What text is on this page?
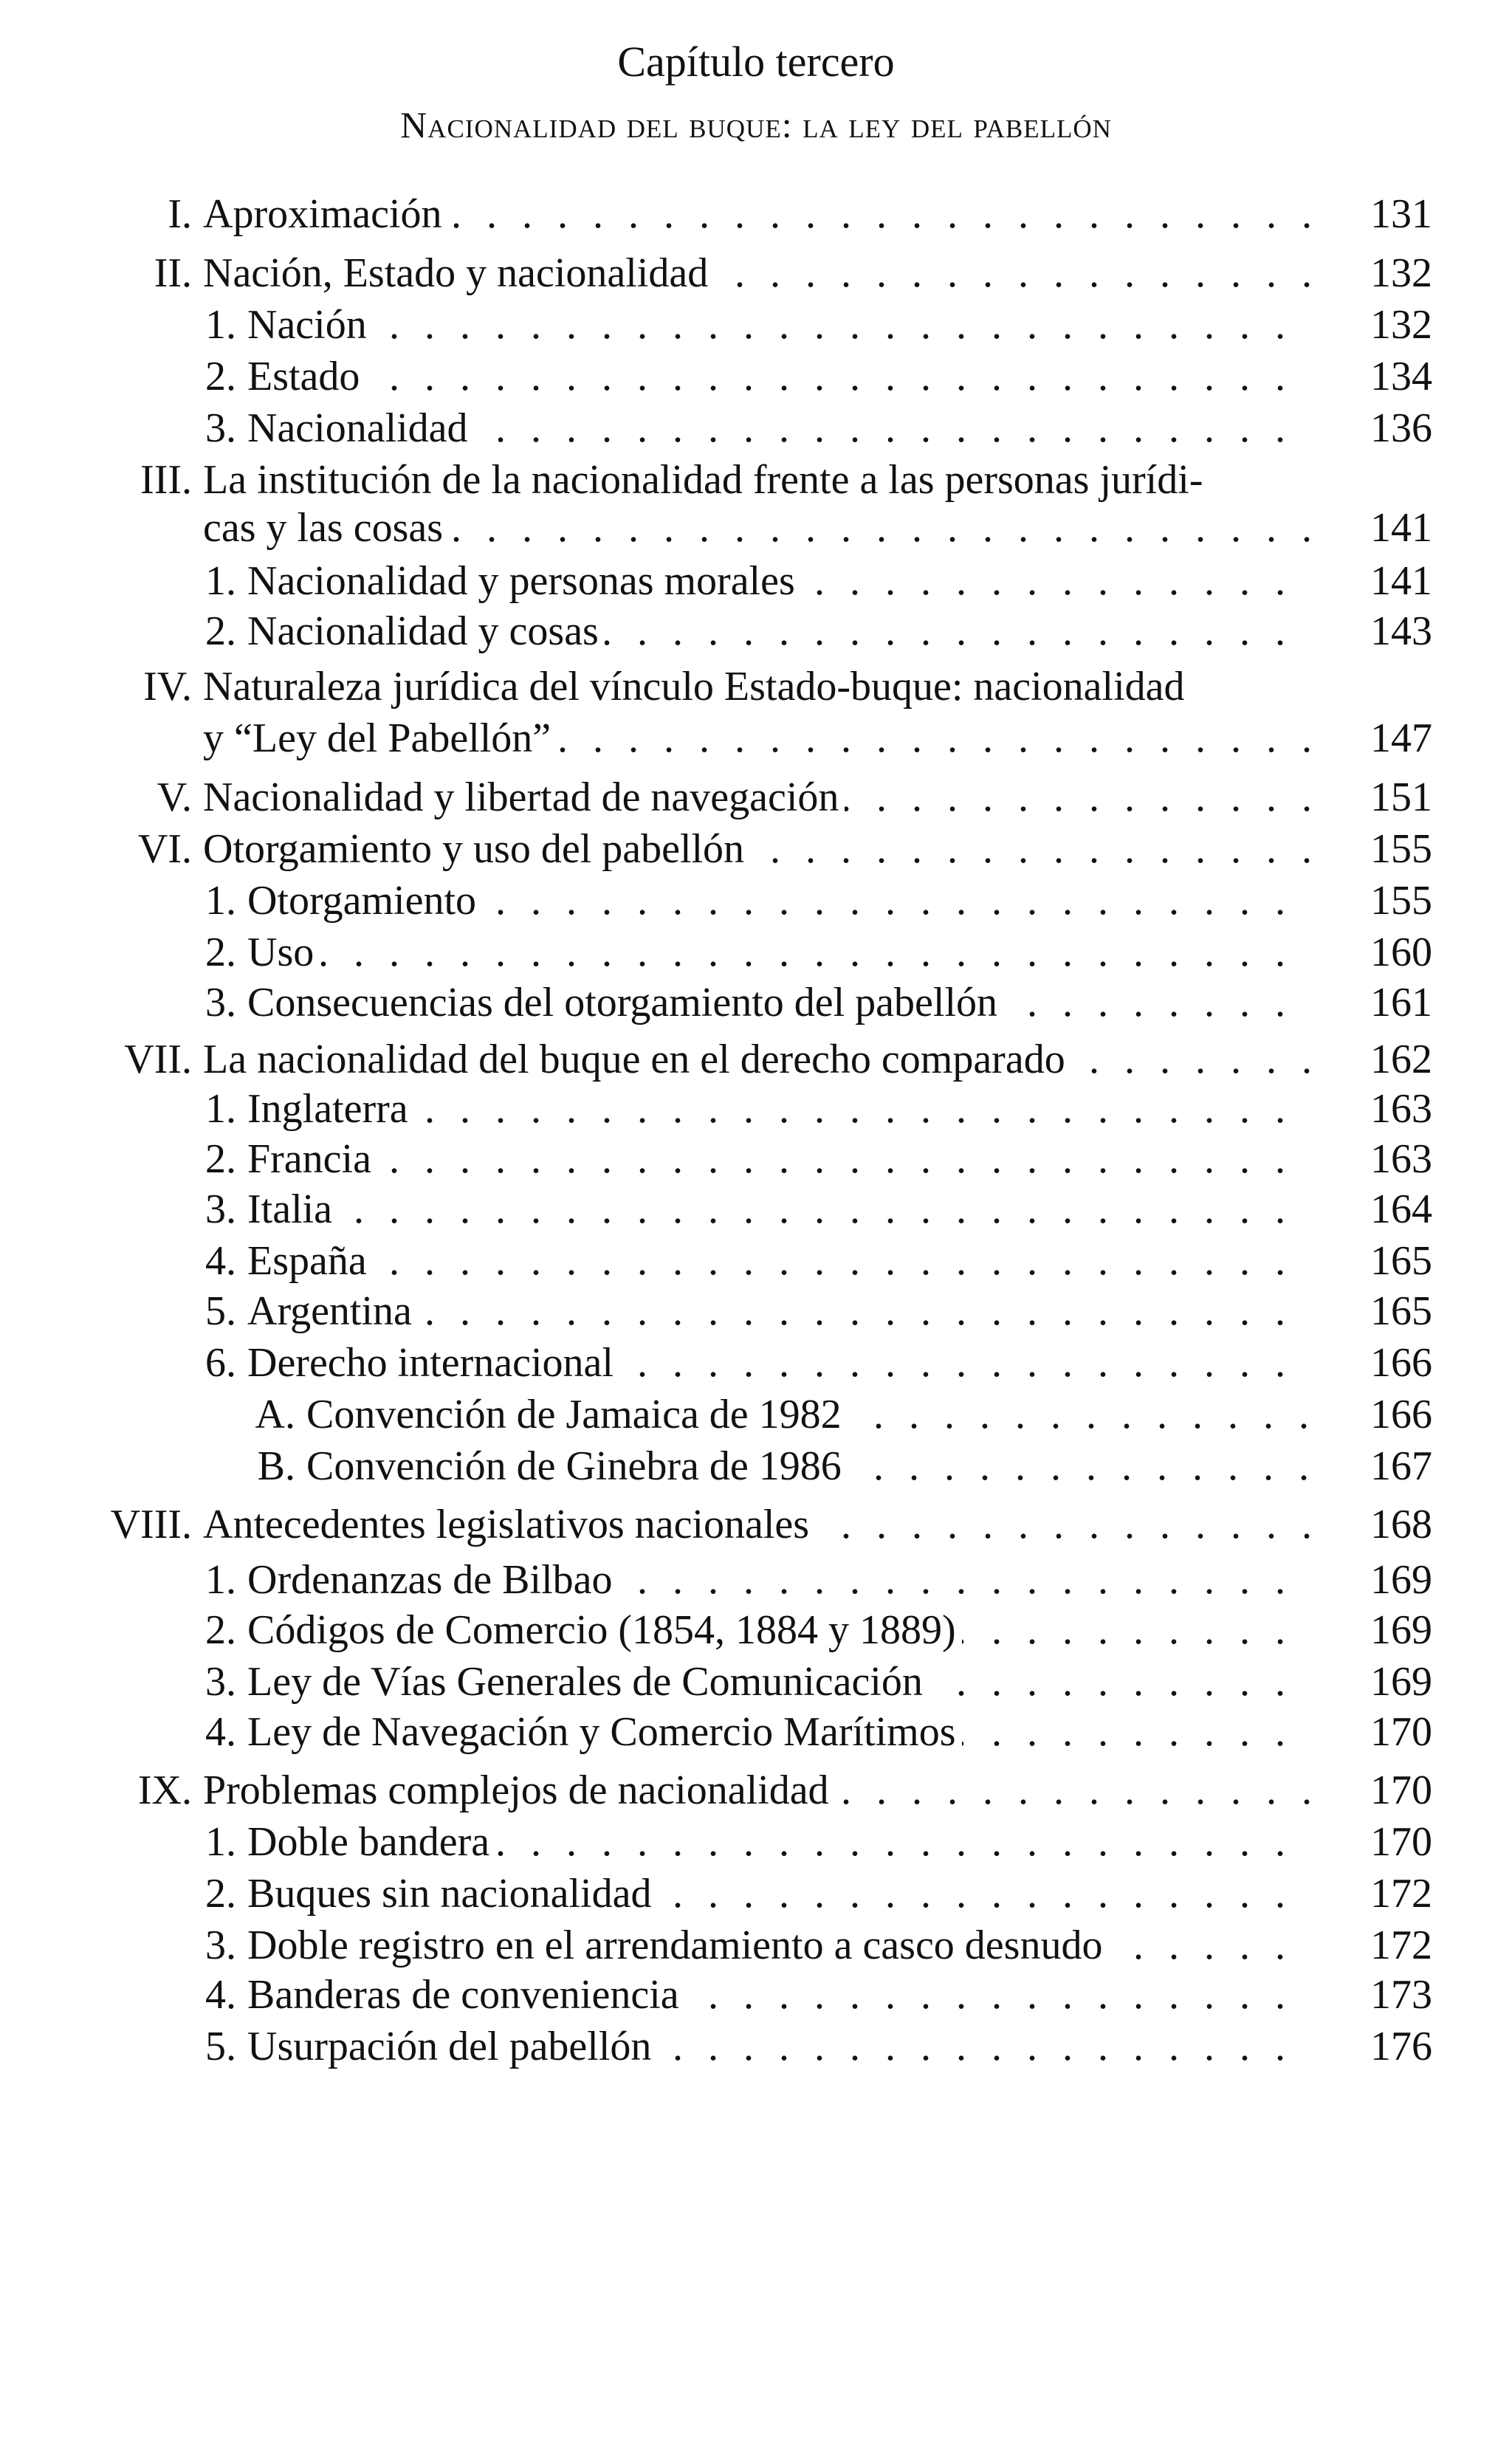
Capítulo tercero
Nacionalidad del buque: la ley del pabellón
I. Aproximación . . .	131
II. Nación, Estado y nacionalidad . . .	132
1. Nación . . .	132
2. Estado . . .	134
3. Nacionalidad . . .	136
III. La institución de la nacionalidad frente a las personas jurídi-
cas y las cosas . . .	141
1. Nacionalidad y personas morales . . .	141
2. Nacionalidad y cosas . . .	143
IV. Naturaleza jurídica del vínculo Estado-buque: nacionalidad
y “Ley del Pabellón” . . .	147
V. Nacionalidad y libertad de navegación . . .	151
VI. Otorgamiento y uso del pabellón . . .	155
1. Otorgamiento . . .	155
2. Uso . . .	160
3. Consecuencias del otorgamiento del pabellón . . .	161
VII. La nacionalidad del buque en el derecho comparado . . .	162
1. Inglaterra . . .	163
2. Francia . . .	163
3. Italia . . .	164
4. España . . .	165
5. Argentina . . .	165
6. Derecho internacional . . .	166
A. Convención de Jamaica de 1982 . . .	166
B. Convención de Ginebra de 1986 . . .	167
VIII. Antecedentes legislativos nacionales . . .	168
1. Ordenanzas de Bilbao . . .	169
2. Códigos de Comercio (1854, 1884 y 1889) . . .	169
3. Ley de Vías Generales de Comunicación . . .	169
4. Ley de Navegación y Comercio Marítimos . . .	170
IX. Problemas complejos de nacionalidad . . .	170
1. Doble bandera . . .	170
2. Buques sin nacionalidad . . .	172
3. Doble registro en el arrendamiento a casco desnudo . . .	172
4. Banderas de conveniencia . . .	173
5. Usurpación del pabellón . . .	176
